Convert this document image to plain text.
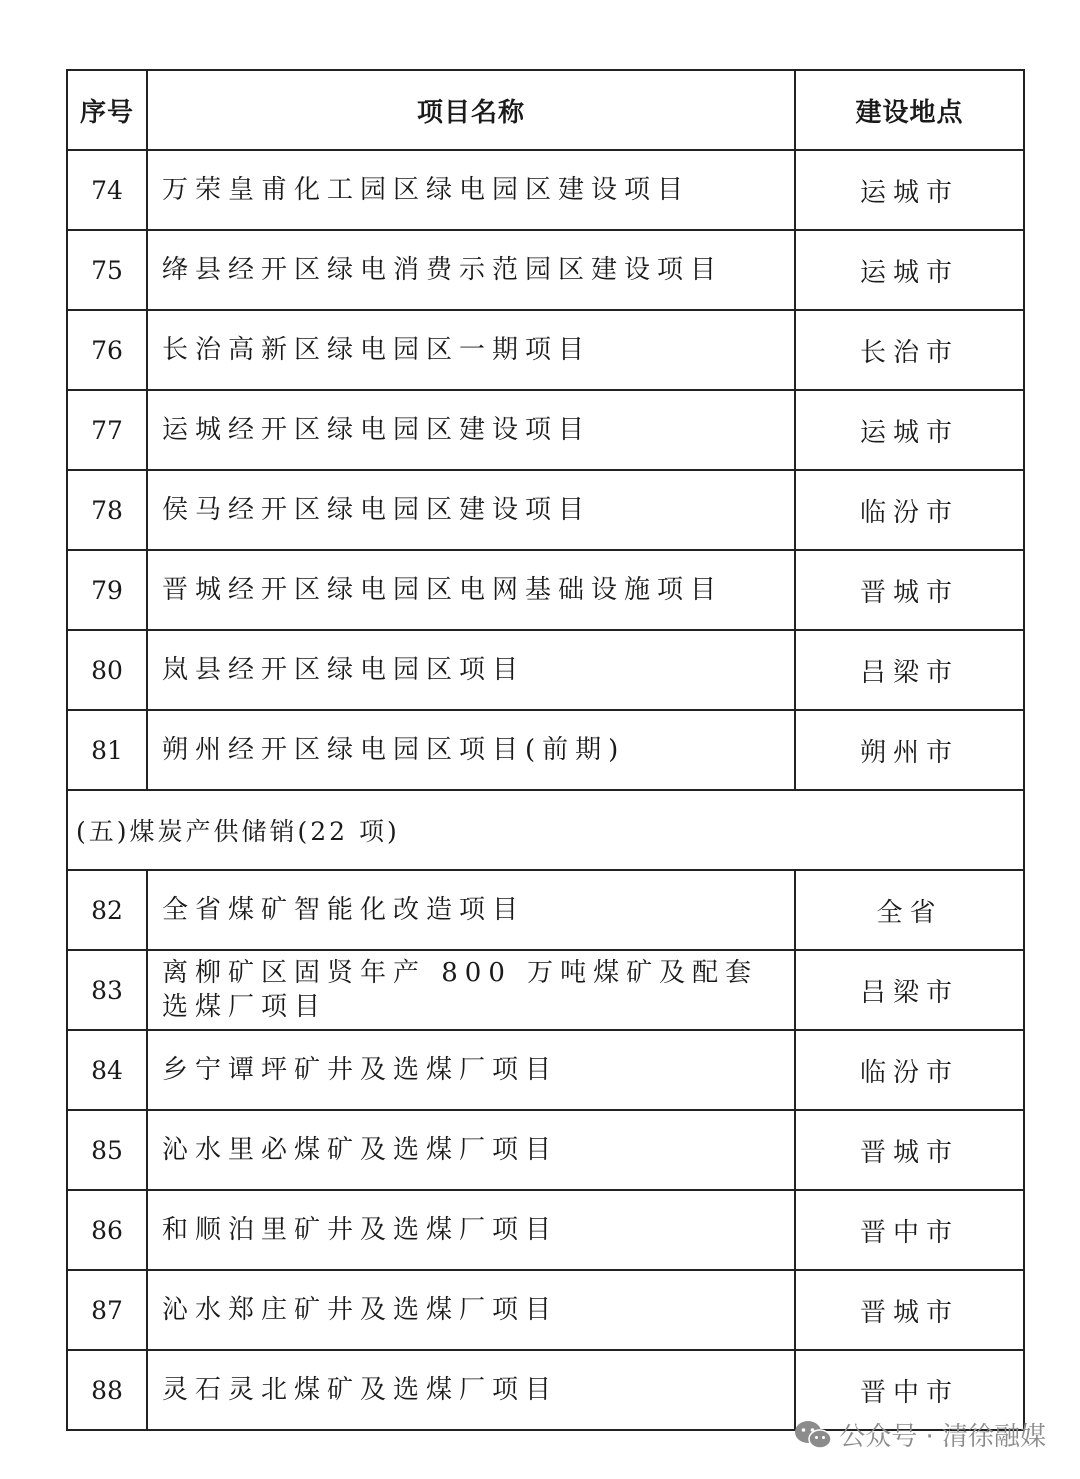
序号	项目名称	建设地点
74	万荣皇甫化工园区绿电园区建设项目	运城市
75	绛县经开区绿电消费示范园区建设项目	运城市
76	长治高新区绿电园区一期项目	长治市
77	运城经开区绿电园区建设项目	运城市
78	侯马经开区绿电园区建设项目	临汾市
79	晋城经开区绿电园区电网基础设施项目	晋城市
80	岚县经开区绿电园区项目	吕梁市
81	朔州经开区绿电园区项目(前期)	朔州市
(五)煤炭产供储销(22 项)		
82	全省煤矿智能化改造项目	全省
83	离柳矿区固贤年产 800 万吨煤矿及配套选煤厂项目	吕梁市
84	乡宁谭坪矿井及选煤厂项目	临汾市
85	沁水里必煤矿及选煤厂项目	晋城市
86	和顺泊里矿井及选煤厂项目	晋中市
87	沁水郑庄矿井及选煤厂项目	晋城市
88	灵石灵北煤矿及选煤厂项目	晋中市
公众号 · 清徐融媒
